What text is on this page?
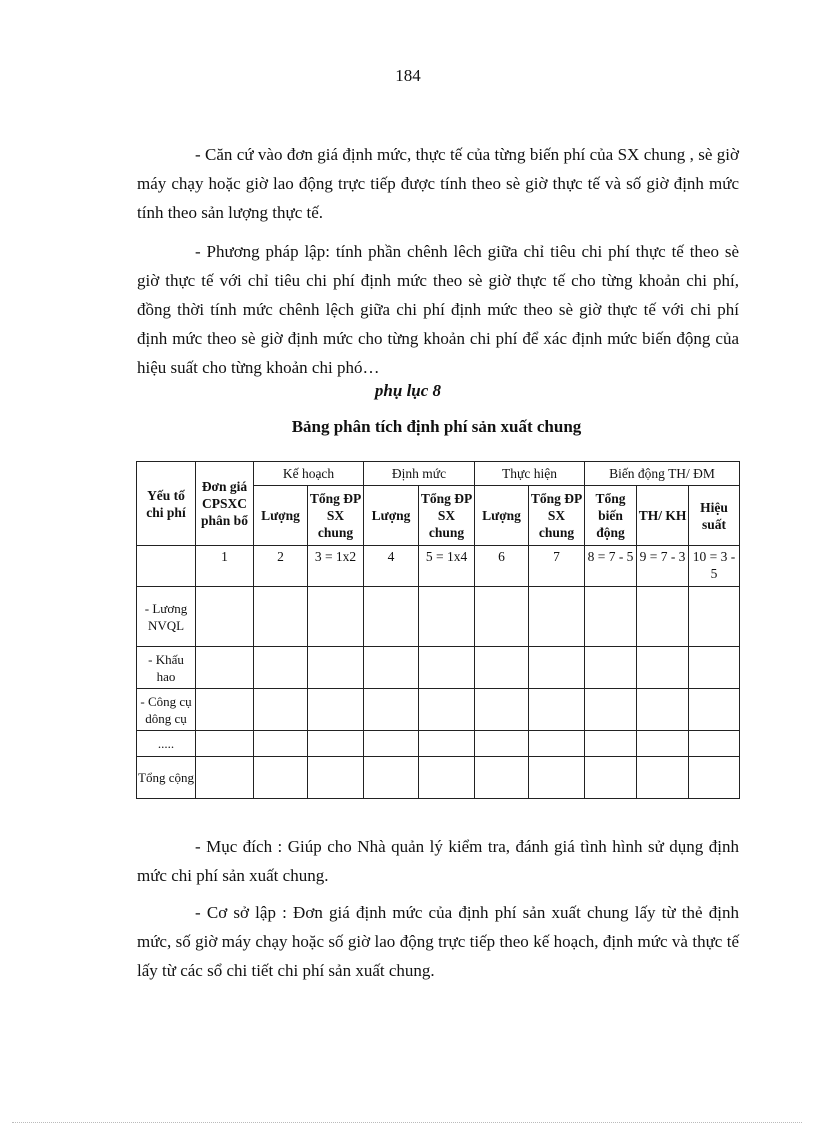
184

- Căn cứ vào đơn giá định mức, thực tế của từng biến phí của SX chung , sè giờ máy chạy hoặc giờ lao động trực tiếp được tính theo sè giờ thực tế và số giờ định mức tính theo sản lượng thực tế.

- Phương pháp lập: tính phần chênh lêch giữa chỉ tiêu chi phí thực tế theo sè giờ thực tế với chỉ tiêu chi phí định mức theo sè giờ thực tế cho từng khoản chi phí, đồng thời tính mức chênh lệch giữa chi phí định mức theo sè giờ thực tế với chi phí định mức theo sè giờ định mức cho từng khoản chi phí để xác định mức biến động của hiệu suất cho từng khoản chi phó…

phụ lục 8
Bảng phân tích định phí sản xuất chung
Yếu tố chi phí	Đơn giá CPSXC phân bổ	Kế hoạch		Định mức		Thực hiện		Biến động TH/ ĐM		
		Lượng	Tổng ĐP SX chung	Lượng	Tổng ĐP SX chung	Lượng	Tổng ĐP SX chung	Tổng biến động	TH/ KH	Hiệu suất
	1	2	3 = 1x2	4	5 = 1x4	6	7	8 = 7 - 5	9 = 7 - 3	10 = 3 - 5
- Lương NVQL										
- Khấu hao										
- Công cụ dông cụ										
.....										
Tổng cộng										

- Mục đích : Giúp cho Nhà quản lý kiểm tra, đánh giá tình hình sử dụng định mức chi phí sản xuất chung.

- Cơ sở lập : Đơn giá định mức của định phí sản xuất chung lấy từ thẻ định mức, số giờ máy chạy hoặc số giờ lao động trực tiếp theo kế hoạch, định mức và thực tế lấy từ các sổ chi tiết chi phí sản xuất chung.
